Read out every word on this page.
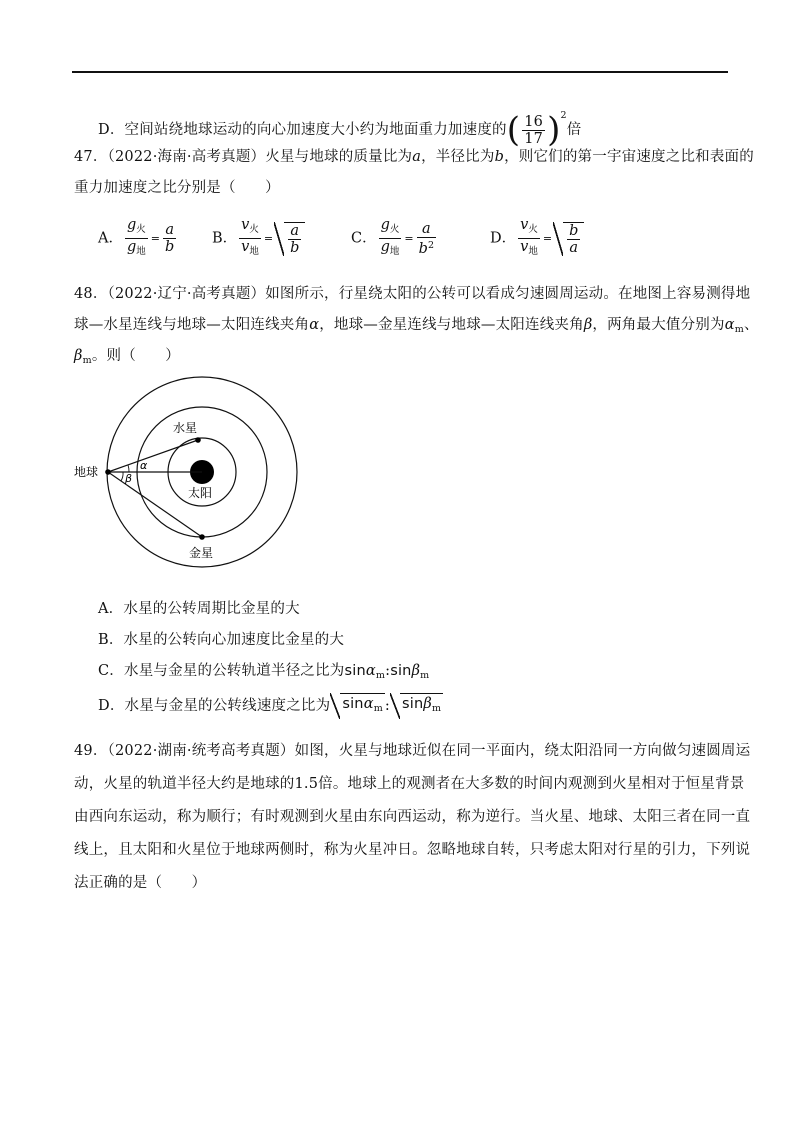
D．空间站绕地球运动的向心加速度大小约为地面重力加速度的( $\frac{16}{17} )^2$倍
47．（2022·海南·高考真题）火星与地球的质量比为a，半径比为b，则它们的第一宇宙速度之比和表面的
重力加速度之比分别是（　　）
A． $\frac{g_火}{g_地} = \frac{a}{b}$ B． $\frac{v_火}{v_地} = \frac{a}{b}$	C． $\frac{g_火}{g_地} = \frac{a}{b^2}$	D． $\frac{v_火}{v_地} = \frac{b}{a}$
48．（2022·辽宁·高考真题）如图所示，行星绕太阳的公转可以看成匀速圆周运动。在地图上容易测得地
球—水星连线与地球—太阳连线夹角α，地球—金星连线与地球—太阳连线夹角β，两角最大值分别为$\alpha_m$、
$\beta_m$。则（　　）
水星
地球
太阳
金星
α
β
A．水星的公转周期比金星的大
B．水星的公转向心加速度比金星的大
C．水星与金星的公转轨道半径之比为sinα$_m$:sinβ$_m$
D．水星与金星的公转线速度之比为 sinα$_m$ : sinβ$_m$
49．（2022·湖南·统考高考真题）如图，火星与地球近似在同一平面内，绕太阳沿同一方向做匀速圆周运
动，火星的轨道半径大约是地球的1.5倍。地球上的观测者在大多数的时间内观测到火星相对于恒星背景
由西向东运动，称为顺行；有时观测到火星由东向西运动，称为逆行。当火星、地球、太阳三者在同一直
线上，且太阳和火星位于地球两侧时，称为火星冲日。忽略地球自转，只考虑太阳对行星的引力，下列说
法正确的是（　　）
